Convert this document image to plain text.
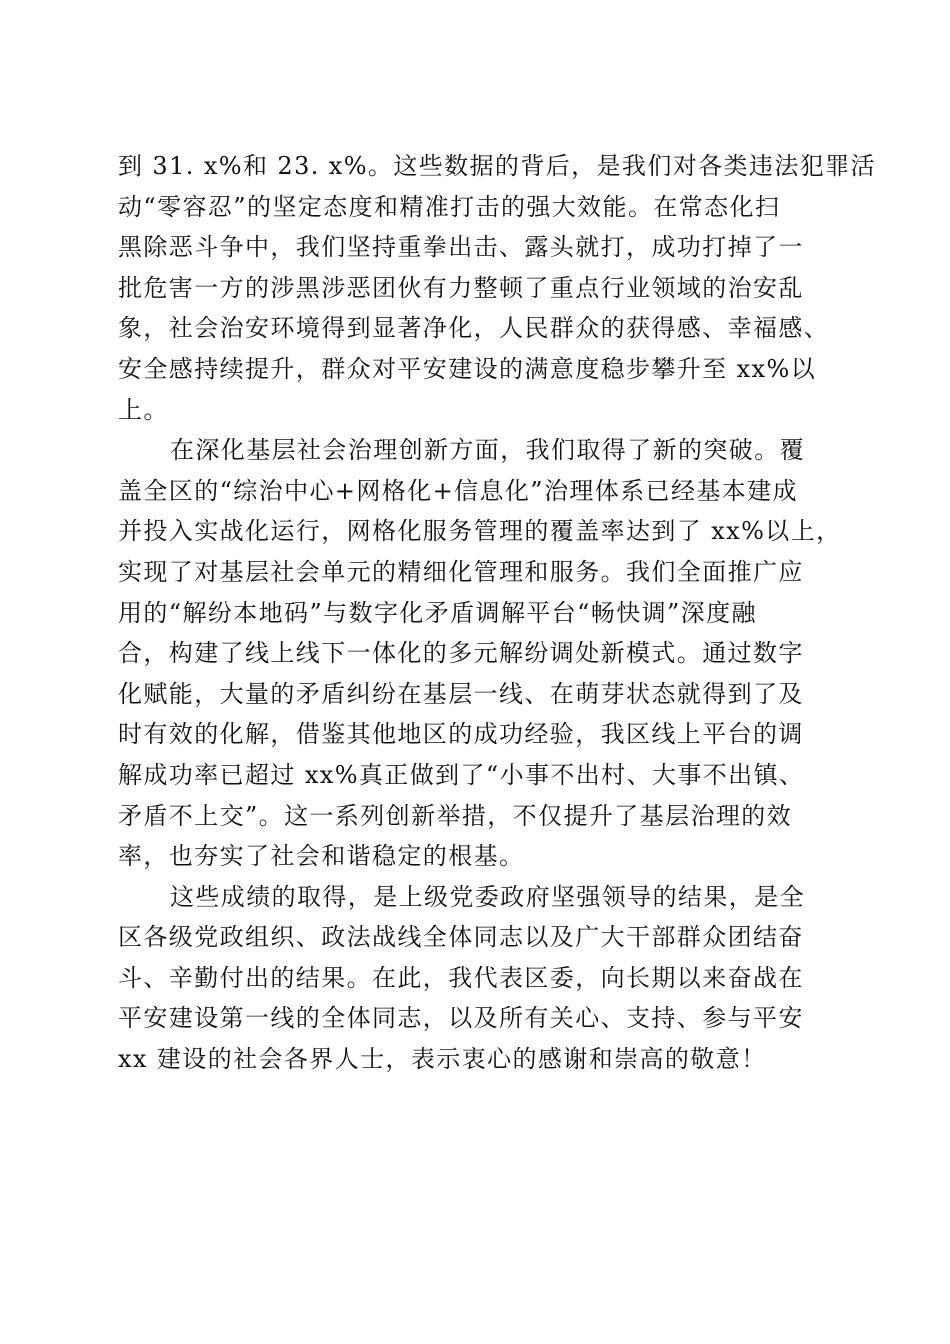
到 31. x%和 23. x%。这些数据的背后，是我们对各类违法犯罪活
动“零容忍”的坚定态度和精准打击的强大效能。在常态化扫
黑除恶斗争中，我们坚持重拳出击、露头就打，成功打掉了一
批危害一方的涉黑涉恶团伙有力整顿了重点行业领域的治安乱
象，社会治安环境得到显著净化，人民群众的获得感、幸福感、
安全感持续提升，群众对平安建设的满意度稳步攀升至 xx%以
上。
在深化基层社会治理创新方面，我们取得了新的突破。覆
盖全区的“综治中心+网格化+信息化”治理体系已经基本建成
并投入实战化运行，网格化服务管理的覆盖率达到了 xx%以上，
实现了对基层社会单元的精细化管理和服务。我们全面推广应
用的“解纷本地码”与数字化矛盾调解平台“畅快调”深度融
合，构建了线上线下一体化的多元解纷调处新模式。通过数字
化赋能，大量的矛盾纠纷在基层一线、在萌芽状态就得到了及
时有效的化解，借鉴其他地区的成功经验，我区线上平台的调
解成功率已超过 xx%真正做到了“小事不出村、大事不出镇、
矛盾不上交”。这一系列创新举措，不仅提升了基层治理的效
率，也夯实了社会和谐稳定的根基。
这些成绩的取得，是上级党委政府坚强领导的结果，是全
区各级党政组织、政法战线全体同志以及广大干部群众团结奋
斗、辛勤付出的结果。在此，我代表区委，向长期以来奋战在
平安建设第一线的全体同志，以及所有关心、支持、参与平安
xx 建设的社会各界人士，表示衷心的感谢和崇高的敬意！
